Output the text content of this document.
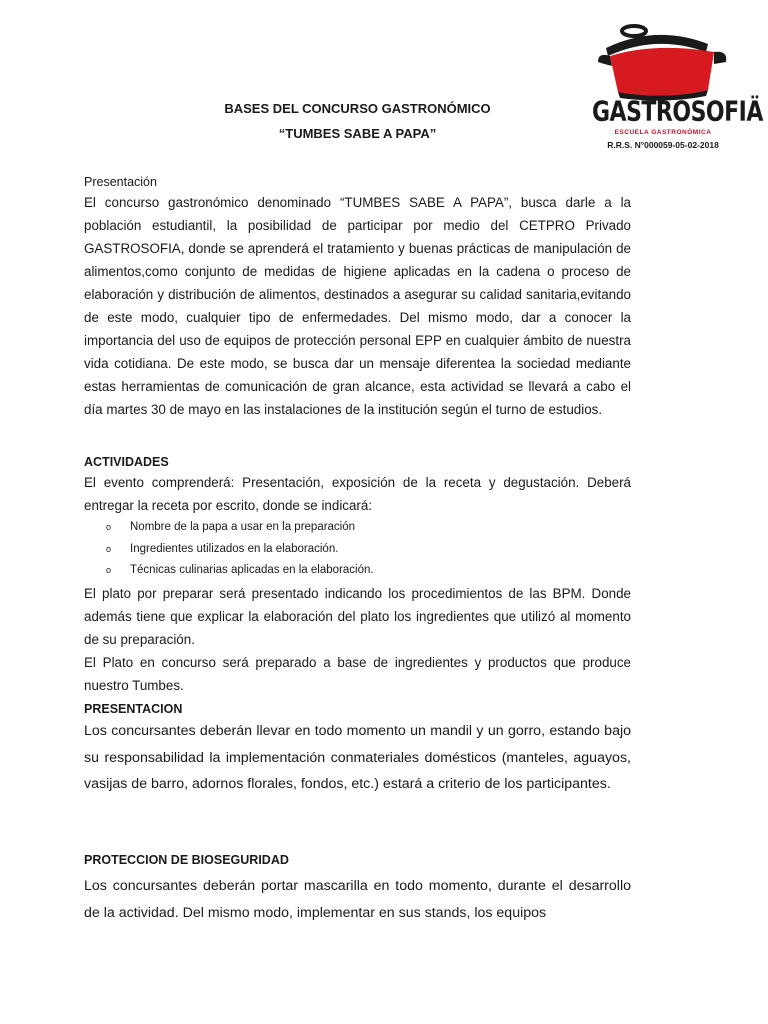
GASTROSOFIÄ
ESCUELA GASTRONÓMICA
R.R.S. N°000059-05-02-2018
BASES DEL CONCURSO GASTRONÓMICO
“TUMBES SABE A PAPA”

Presentación

El concurso gastronómico denominado “TUMBES SABE A PAPA”, busca darle a la población estudiantil, la posibilidad de participar por medio del CETPRO Privado GASTROSOFIA, donde se aprenderá el tratamiento y buenas prácticas de manipulación de alimentos,como conjunto de medidas de higiene aplicadas en la cadena o proceso de elaboración y distribución de alimentos, destinados a asegurar su calidad sanitaria,evitando de este modo, cualquier tipo de enfermedades. Del mismo modo, dar a conocer la importancia del uso de equipos de protección personal EPP en cualquier ámbito de nuestra vida cotidiana. De este modo, se busca dar un mensaje diferentea la sociedad mediante estas herramientas de comunicación de gran alcance, esta actividad se llevará a cabo el día martes 30 de mayo en las instalaciones de la institución según el turno de estudios.

ACTIVIDADES

El evento comprenderá: Presentación, exposición de la receta y degustación. Deberá entregar la receta por escrito, donde se indicará:

o Nombre de la papa a usar en la preparación
o Ingredientes utilizados en la elaboración.
o Técnicas culinarias aplicadas en la elaboración.

El plato por preparar será presentado indicando los procedimientos de las BPM. Donde además tiene que explicar la elaboración del plato los ingredientes que utilizó al momento de su preparación.

El Plato en concurso será preparado a base de ingredientes y productos que produce nuestro Tumbes.

PRESENTACION

Los concursantes deberán llevar en todo momento un mandil y un gorro, estando bajo su responsabilidad la implementación conmateriales domésticos (manteles, aguayos, vasijas de barro, adornos florales, fondos, etc.) estará a criterio de los participantes.

PROTECCION DE BIOSEGURIDAD

Los concursantes deberán portar mascarilla en todo momento, durante el desarrollo de la actividad. Del mismo modo, implementar en sus stands, los equipos
